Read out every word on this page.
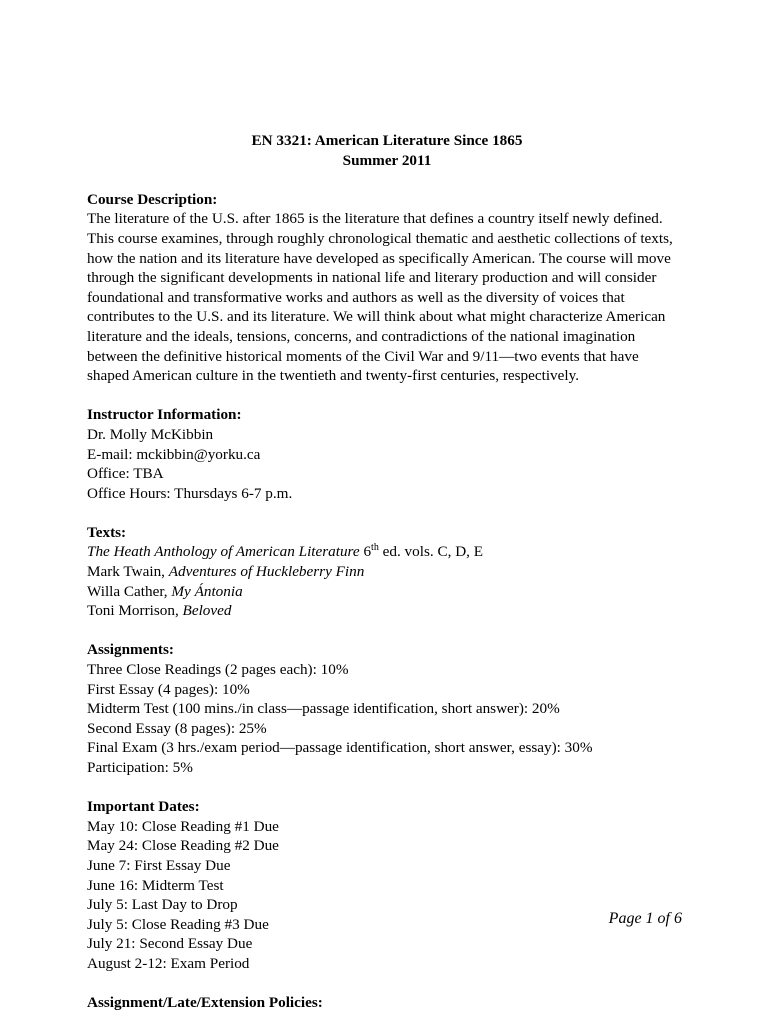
EN 3321: American Literature Since 1865
Summer 2011
Course Description:
The literature of the U.S. after 1865 is the literature that defines a country itself newly defined.
This course examines, through roughly chronological thematic and aesthetic collections of texts,
how the nation and its literature have developed as specifically American. The course will move
through the significant developments in national life and literary production and will consider
foundational and transformative works and authors as well as the diversity of voices that
contributes to the U.S. and its literature. We will think about what might characterize American
literature and the ideals, tensions, concerns, and contradictions of the national imagination
between the definitive historical moments of the Civil War and 9/11—two events that have
shaped American culture in the twentieth and twenty-first centuries, respectively.
Instructor Information:
Dr. Molly McKibbin
E-mail: mckibbin@yorku.ca
Office: TBA
Office Hours: Thursdays 6-7 p.m.
Texts:
The Heath Anthology of American Literature 6th ed. vols. C, D, E
Mark Twain, Adventures of Huckleberry Finn
Willa Cather, My Ántonia
Toni Morrison, Beloved
Assignments:
Three Close Readings (2 pages each): 10%
First Essay (4 pages): 10%
Midterm Test (100 mins./in class—passage identification, short answer): 20%
Second Essay (8 pages): 25%
Final Exam (3 hrs./exam period—passage identification, short answer, essay): 30%
Participation: 5%
Important Dates:
May 10: Close Reading #1 Due
May 24: Close Reading #2 Due
June 7: First Essay Due
June 16: Midterm Test
July 5: Last Day to Drop
July 5: Close Reading #3 Due
July 21: Second Essay Due
August 2-12: Exam Period
Assignment/Late/Extension Policies:
Page 1 of 6
